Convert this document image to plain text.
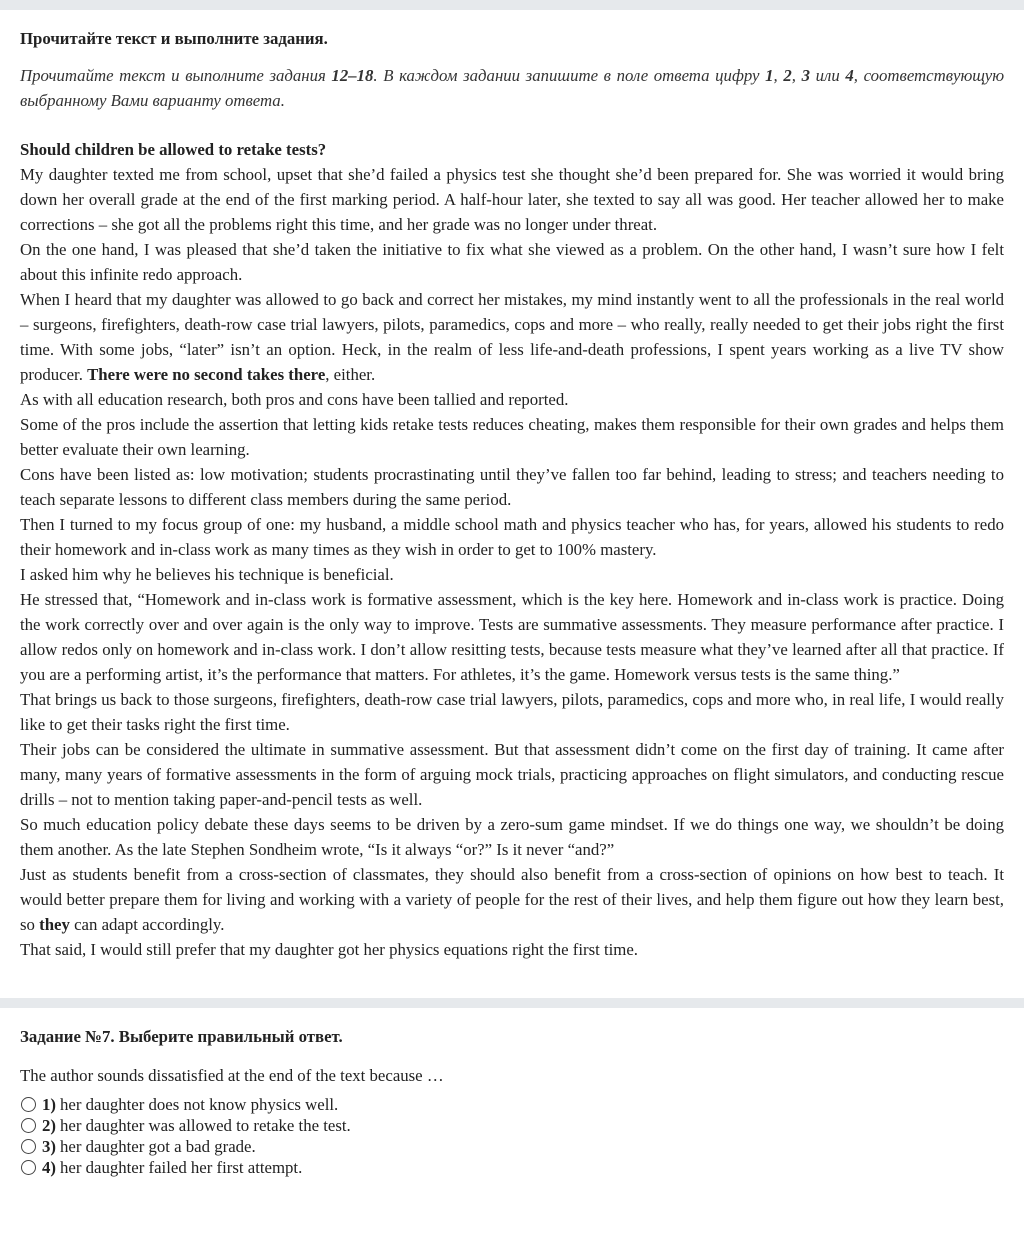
Прочитайте текст и выполните задания.

Прочитайте текст и выполните задания 12–18. В каждом задании запишите в поле ответа цифру 1, 2, 3 или 4, соответствующую выбранному Вами варианту ответа.

Should children be allowed to retake tests?

My daughter texted me from school, upset that she’d failed a physics test she thought she’d been prepared for. She was worried it would bring down her overall grade at the end of the first marking period. A half-hour later, she texted to say all was good. Her teacher allowed her to make corrections – she got all the problems right this time, and her grade was no longer under threat.

On the one hand, I was pleased that she’d taken the initiative to fix what she viewed as a problem. On the other hand, I wasn’t sure how I felt about this infinite redo approach.

When I heard that my daughter was allowed to go back and correct her mistakes, my mind instantly went to all the professionals in the real world – surgeons, firefighters, death-row case trial lawyers, pilots, paramedics, cops and more – who really, really needed to get their jobs right the first time. With some jobs, “later” isn’t an option. Heck, in the realm of less life-and-death professions, I spent years working as a live TV show producer. There were no second takes there, either.

As with all education research, both pros and cons have been tallied and reported.

Some of the pros include the assertion that letting kids retake tests reduces cheating, makes them responsible for their own grades and helps them better evaluate their own learning.

Cons have been listed as: low motivation; students procrastinating until they’ve fallen too far behind, leading to stress; and teachers needing to teach separate lessons to different class members during the same period.

Then I turned to my focus group of one: my husband, a middle school math and physics teacher who has, for years, allowed his students to redo their homework and in-class work as many times as they wish in order to get to 100% mastery.

I asked him why he believes his technique is beneficial.

He stressed that, “Homework and in-class work is formative assessment, which is the key here. Homework and in-class work is practice. Doing the work correctly over and over again is the only way to improve. Tests are summative assessments. They measure performance after practice. I allow redos only on homework and in-class work. I don’t allow resitting tests, because tests measure what they’ve learned after all that practice. If you are a performing artist, it’s the performance that matters. For athletes, it’s the game. Homework versus tests is the same thing.”

That brings us back to those surgeons, firefighters, death-row case trial lawyers, pilots, paramedics, cops and more who, in real life, I would really like to get their tasks right the first time.

Their jobs can be considered the ultimate in summative assessment. But that assessment didn’t come on the first day of training. It came after many, many years of formative assessments in the form of arguing mock trials, practicing approaches on flight simulators, and conducting rescue drills – not to mention taking paper-and-pencil tests as well.

So much education policy debate these days seems to be driven by a zero-sum game mindset. If we do things one way, we shouldn’t be doing them another. As the late Stephen Sondheim wrote, “Is it always “or?” Is it never “and?”

Just as students benefit from a cross-section of classmates, they should also benefit from a cross-section of opinions on how best to teach. It would better prepare them for living and working with a variety of people for the rest of their lives, and help them figure out how they learn best, so they can adapt accordingly.

That said, I would still prefer that my daughter got her physics equations right the first time.

Задание №7. Выберите правильный ответ.

The author sounds dissatisfied at the end of the text because …

1) her daughter does not know physics well.
2) her daughter was allowed to retake the test.
3) her daughter got a bad grade.
4) her daughter failed her first attempt.
